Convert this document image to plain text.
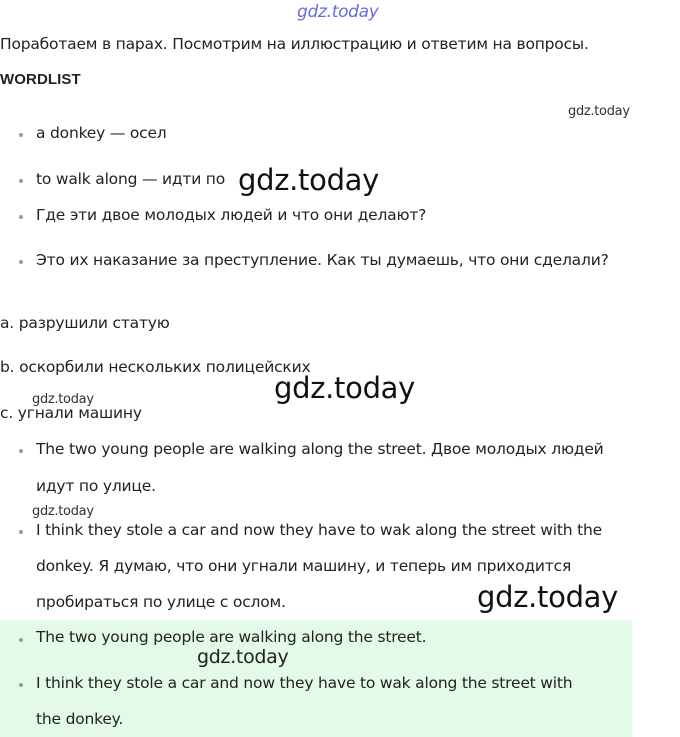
gdz.today
Поработаем в парах. Посмотрим на иллюстрацию и ответим на вопросы.
WORDLIST
gdz.today
a donkey — осел
to walk along — идти по gdz.today
Где эти двое молодых людей и что они делают?
Это их наказание за преступление. Как ты думаешь, что они сделали?
a. разрушили статую
b. оскорбили нескольких полицейских
gdz.today
gdz.today
c. угнали машину
The two young people are walking along the street. Двое молодых людей
идут по улице.
gdz.today
I think they stole a car and now they have to wak along the street with the
donkey. Я думаю, что они угнали машину, и теперь им приходится
пробираться по улице с ослом.	gdz.today
The two young people are walking along the street.
gdz.today
I think they stole a car and now they have to wak along the street with
the donkey.
